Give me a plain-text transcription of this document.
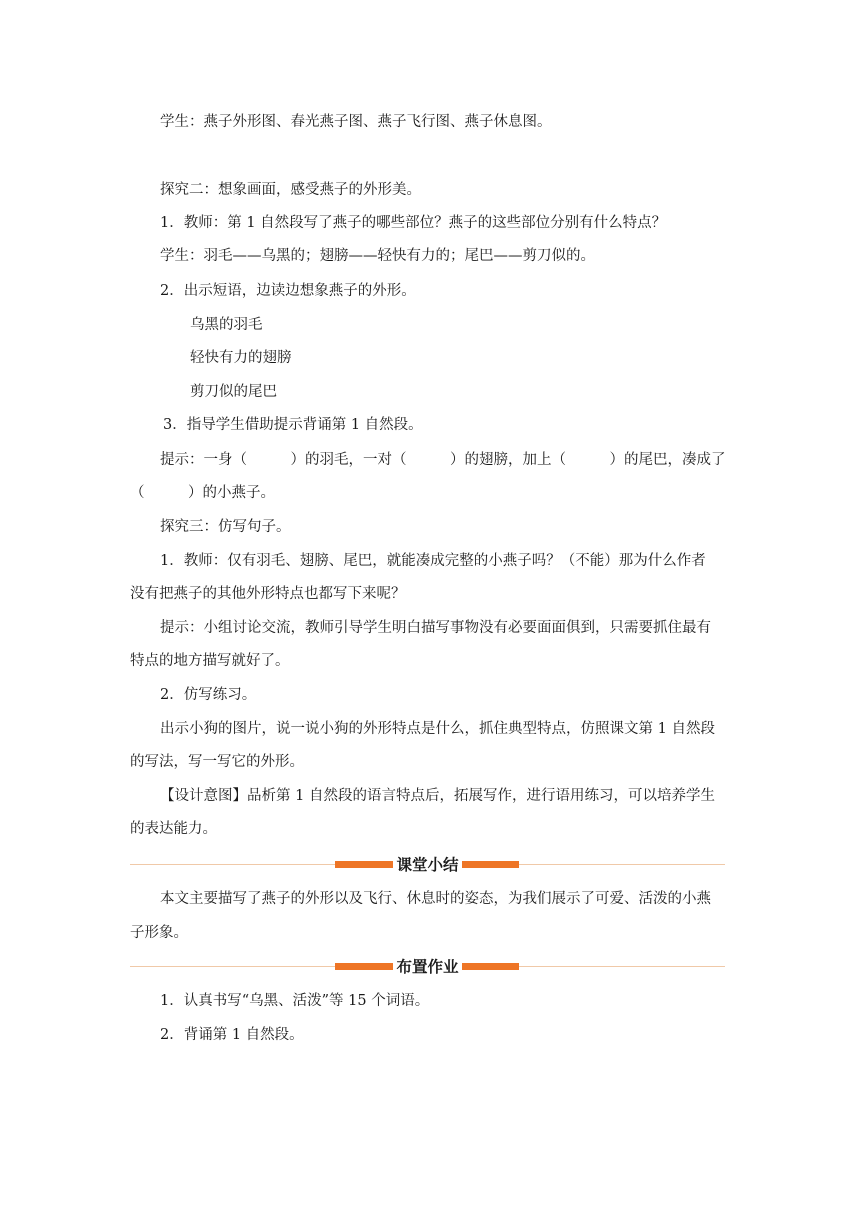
学生：燕子外形图、春光燕子图、燕子飞行图、燕子休息图。
探究二：想象画面，感受燕子的外形美。
1．教师：第 1 自然段写了燕子的哪些部位？燕子的这些部位分别有什么特点？
学生：羽毛——乌黑的；翅膀——轻快有力的；尾巴——剪刀似的。
2．出示短语，边读边想象燕子的外形。
乌黑的羽毛
轻快有力的翅膀
剪刀似的尾巴
3．指导学生借助提示背诵第 1 自然段。
提示：一身（　　　）的羽毛，一对（　　　）的翅膀，加上（　　　）的尾巴，凑成了
（　　　）的小燕子。
探究三：仿写句子。
1．教师：仅有羽毛、翅膀、尾巴，就能凑成完整的小燕子吗？（不能）那为什么作者
没有把燕子的其他外形特点也都写下来呢？
提示：小组讨论交流，教师引导学生明白描写事物没有必要面面俱到，只需要抓住最有
特点的地方描写就好了。
2．仿写练习。
出示小狗的图片，说一说小狗的外形特点是什么，抓住典型特点，仿照课文第 1 自然段
的写法，写一写它的外形。
【设计意图】品析第 1 自然段的语言特点后，拓展写作，进行语用练习，可以培养学生
的表达能力。
课堂小结
本文主要描写了燕子的外形以及飞行、休息时的姿态，为我们展示了可爱、活泼的小燕
子形象。
布置作业
1．认真书写“乌黑、活泼”等 15 个词语。
2．背诵第 1 自然段。
